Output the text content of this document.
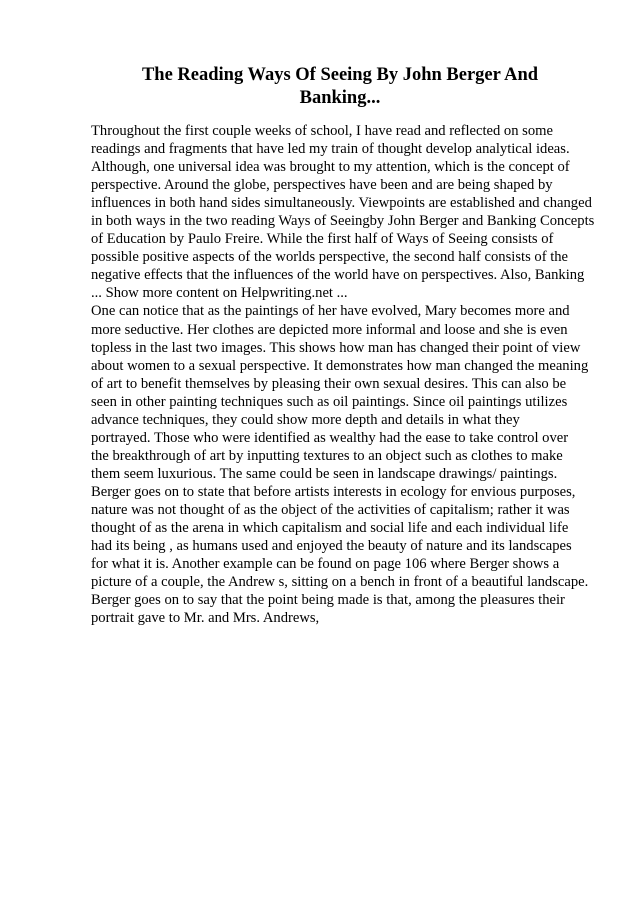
The Reading Ways Of Seeing By John Berger And
Banking...
Throughout the first couple weeks of school, I have read and reflected on some
readings and fragments that have led my train of thought develop analytical ideas.
Although, one universal idea was brought to my attention, which is the concept of
perspective. Around the globe, perspectives have been and are being shaped by
influences in both hand sides simultaneously. Viewpoints are established and changed
in both ways in the two reading Ways of Seeingby John Berger and Banking Concepts
of Education by Paulo Freire. While the first half of Ways of Seeing consists of
possible positive aspects of the worlds perspective, the second half consists of the
negative effects that the influences of the world have on perspectives. Also, Banking
... Show more content on Helpwriting.net ...
One can notice that as the paintings of her have evolved, Mary becomes more and
more seductive. Her clothes are depicted more informal and loose and she is even
topless in the last two images. This shows how man has changed their point of view
about women to a sexual perspective. It demonstrates how man changed the meaning
of art to benefit themselves by pleasing their own sexual desires. This can also be
seen in other painting techniques such as oil paintings. Since oil paintings utilizes
advance techniques, they could show more depth and details in what they
portrayed. Those who were identified as wealthy had the ease to take control over
the breakthrough of art by inputting textures to an object such as clothes to make
them seem luxurious. The same could be seen in landscape drawings/ paintings.
Berger goes on to state that before artists interests in ecology for envious purposes,
nature was not thought of as the object of the activities of capitalism; rather it was
thought of as the arena in which capitalism and social life and each individual life
had its being , as humans used and enjoyed the beauty of nature and its landscapes
for what it is. Another example can be found on page 106 where Berger shows a
picture of a couple, the Andrew s, sitting on a bench in front of a beautiful landscape.
Berger goes on to say that the point being made is that, among the pleasures their
portrait gave to Mr. and Mrs. Andrews,
